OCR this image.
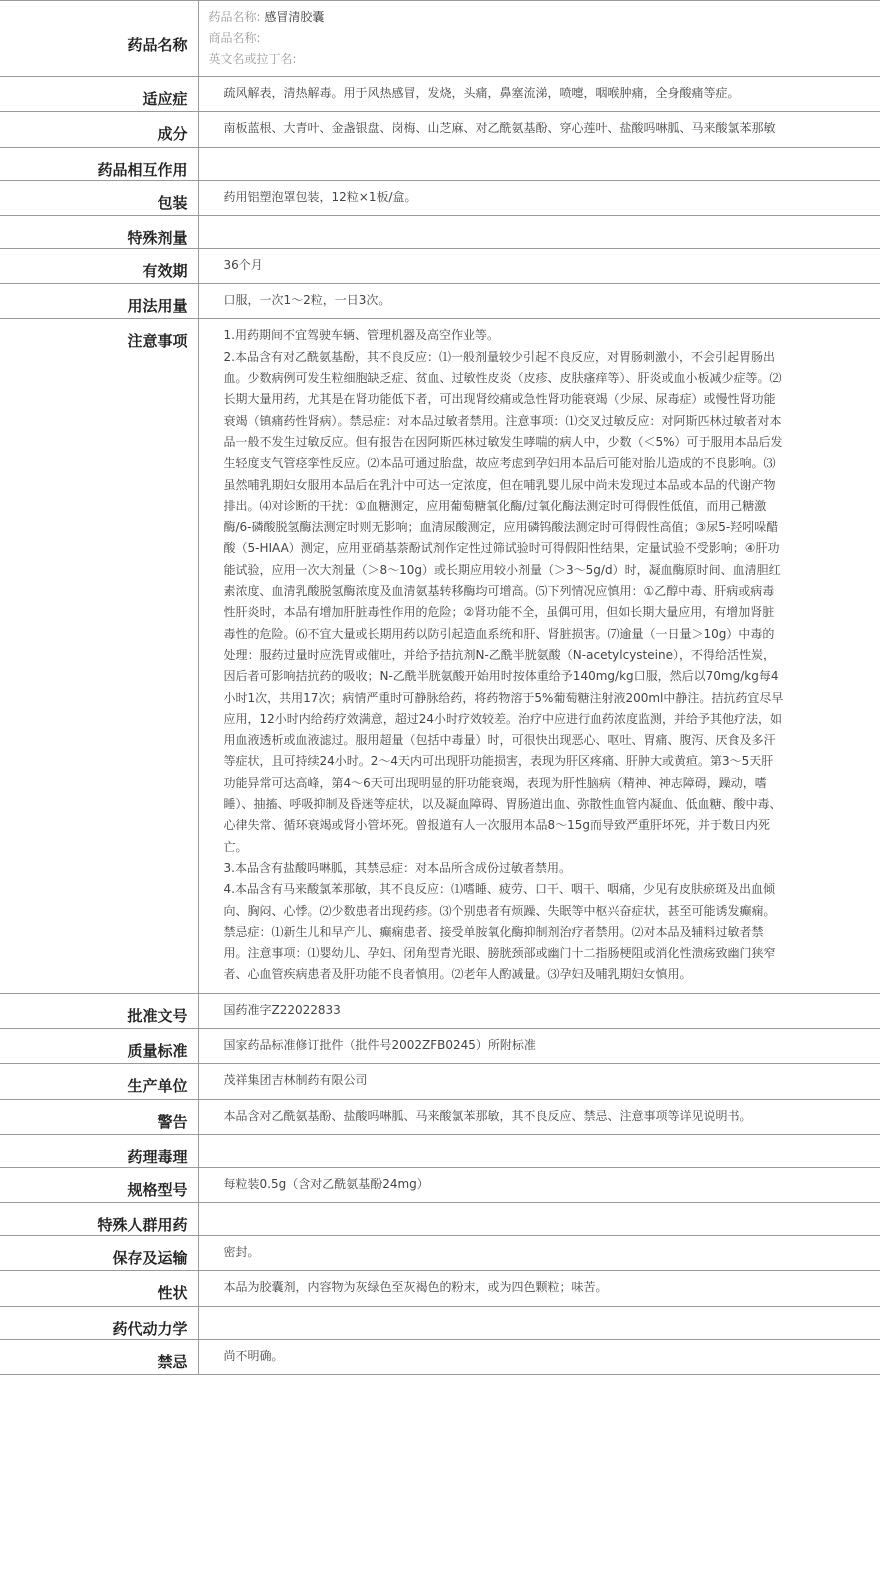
药品名称	药品名称: 感冒清胶囊
商品名称:
英文名或拉丁名:

适应症	疏风解表，清热解毒。用于风热感冒，发烧，头痛，鼻塞流涕，喷嚏，咽喉肿痛，全身酸痛等症。
成分	南板蓝根、大青叶、金盏银盘、岗梅、山芝麻、对乙酰氨基酚、穿心莲叶、盐酸吗啉胍、马来酸氯苯那敏
药品相互作用	
包装	药用铝塑泡罩包装，12粒×1板/盒。
特殊剂量	
有效期	36个月
用法用量	口服，一次1～2粒，一日3次。
注意事项	1.用药期间不宜驾驶车辆、管理机器及高空作业等。
2.本品含有对乙酰氨基酚，其不良反应：⑴一般剂量较少引起不良反应，对胃肠刺激小，不会引起胃肠出血。少数病例可发生粒细胞缺乏症、贫血、过敏性皮炎（皮疹、皮肤瘙痒等）、肝炎或血小板减少症等。⑵长期大量用药，尤其是在肾功能低下者，可出现肾绞痛或急性肾功能衰竭（少尿、尿毒症）或慢性肾功能衰竭（镇痛药性肾病）。禁忌症：对本品过敏者禁用。注意事项：⑴交叉过敏反应：对阿斯匹林过敏者对本品一般不发生过敏反应。但有报告在因阿斯匹林过敏发生哮喘的病人中，少数（＜5%）可于服用本品后发生轻度支气管痉挛性反应。⑵本品可通过胎盘，故应考虑到孕妇用本品后可能对胎儿造成的不良影响。⑶虽然哺乳期妇女服用本品后在乳汁中可达一定浓度，但在哺乳婴儿尿中尚未发现过本品或本品的代谢产物排出。⑷对诊断的干扰：①血糖测定，应用葡萄糖氧化酶/过氧化酶法测定时可得假性低值，而用己糖激酶/6-磷酸脱氢酶法测定时则无影响；血清尿酸测定，应用磷钨酸法测定时可得假性高值；③尿5-羟吲哚醋酸（5-HIAA）测定，应用亚硝基萘酚试剂作定性过筛试验时可得假阳性结果，定量试验不受影响；④肝功能试验，应用一次大剂量（＞8～10g）或长期应用较小剂量（＞3～5g/d）时，凝血酶原时间、血清胆红素浓度、血清乳酸脱氢酶浓度及血清氨基转移酶均可增高。⑸下列情况应慎用：①乙醇中毒、肝病或病毒性肝炎时，本品有增加肝脏毒性作用的危险；②肾功能不全，虽偶可用，但如长期大量应用，有增加肾脏毒性的危险。⑹不宜大量或长期用药以防引起造血系统和肝、肾脏损害。⑺逾量（一日量＞10g）中毒的处理：服药过量时应洗胃或催吐，并给予拮抗剂N-乙酰半胱氨酸（N-acetylcysteine），不得给活性炭，因后者可影响拮抗药的吸收；N-乙酰半胱氨酸开始用时按体重给予140mg/kg口服，然后以70mg/kg每4小时1次，共用17次；病情严重时可静脉给药，将药物溶于5%葡萄糖注射液200ml中静注。拮抗药宜尽早应用，12小时内给药疗效满意，超过24小时疗效较差。治疗中应进行血药浓度监测，并给予其他疗法，如用血液透析或血液滤过。服用超量（包括中毒量）时，可很快出现恶心、呕吐、胃痛、腹泻、厌食及多汗等症状，且可持续24小时。2～4天内可出现肝功能损害，表现为肝区疼痛、肝肿大或黄疸。第3～5天肝功能异常可达高峰，第4～6天可出现明显的肝功能衰竭，表现为肝性脑病（精神、神志障碍，躁动，嗜睡）、抽搐、呼吸抑制及昏迷等症状，以及凝血障碍、胃肠道出血、弥散性血管内凝血、低血糖、酸中毒、心律失常、循环衰竭或肾小管坏死。曾报道有人一次服用本品8～15g而导致严重肝坏死，并于数日内死亡。
3.本品含有盐酸吗啉胍，其禁忌症：对本品所含成份过敏者禁用。
4.本品含有马来酸氯苯那敏，其不良反应：⑴嗜睡、疲劳、口干、咽干、咽痛，少见有皮肤瘀斑及出血倾向、胸闷、心悸。⑵少数患者出现药疹。⑶个别患者有烦躁、失眠等中枢兴奋症状，甚至可能诱发癫痫。禁忌症：⑴新生儿和早产儿、癫痫患者、接受单胺氧化酶抑制剂治疗者禁用。⑵对本品及辅料过敏者禁用。注意事项：⑴婴幼儿、孕妇、闭角型青光眼、膀胱颈部或幽门十二指肠梗阻或消化性溃疡致幽门狭窄者、心血管疾病患者及肝功能不良者慎用。⑵老年人酌减量。⑶孕妇及哺乳期妇女慎用。

批准文号	国药准字Z22022833
质量标准	国家药品标准修订批件（批件号2002ZFB0245）所附标准
生产单位	茂祥集团吉林制药有限公司
警告	本品含对乙酰氨基酚、盐酸吗啉胍、马来酸氯苯那敏，其不良反应、禁忌、注意事项等详见说明书。
药理毒理	
规格型号	每粒装0.5g（含对乙酰氨基酚24mg）
特殊人群用药	
保存及运输	密封。
性状	本品为胶囊剂，内容物为灰绿色至灰褐色的粉末，或为四色颗粒；味苦。
药代动力学	
禁忌	尚不明确。
